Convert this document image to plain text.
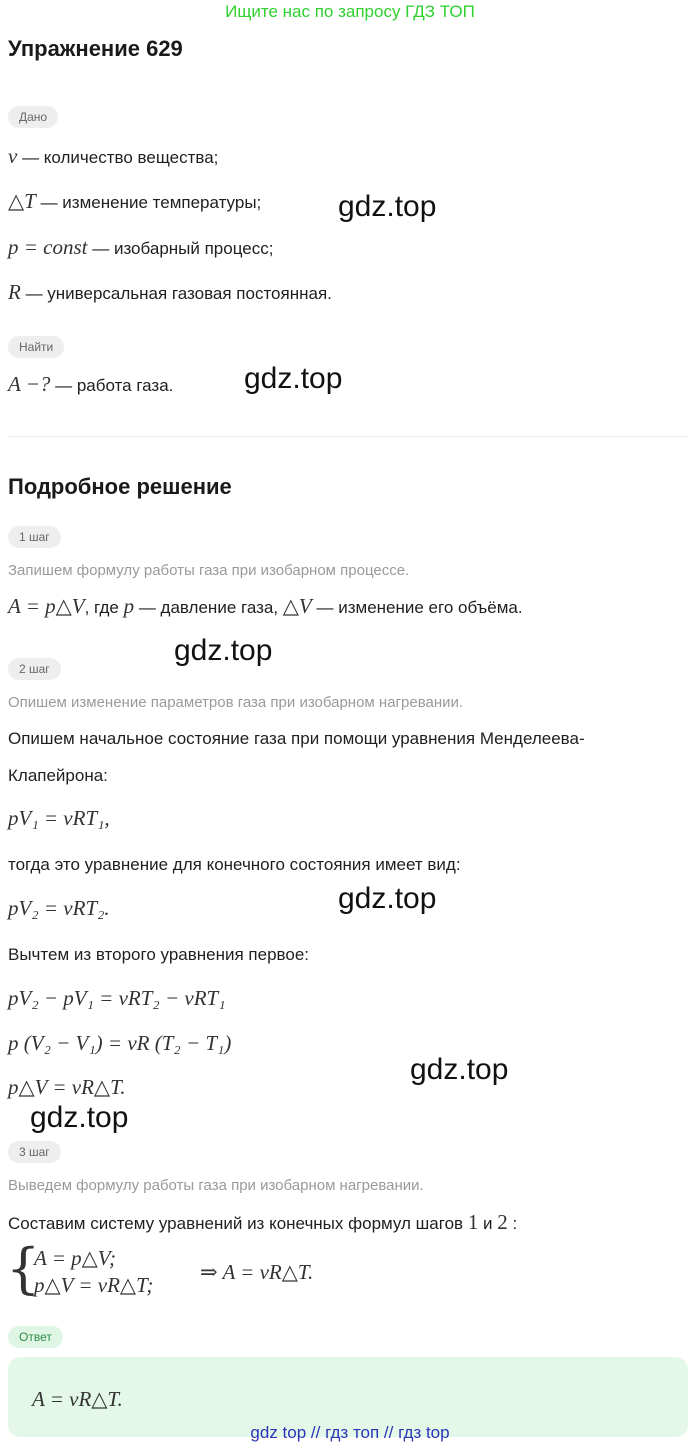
Ищите нас по запросу ГДЗ ТОП
Упражнение 629
Дано
ν — количество вещества;
△T — изменение температуры;
p = const — изобарный процесс;
R — универсальная газовая постоянная.
Найти
A −? — работа газа.
Подробное решение
1 шаг
Запишем формулу работы газа при изобарном процессе.
A = p△V, где p — давление газа, △V — изменение его объёма.
2 шаг
Опишем изменение параметров газа при изобарном нагревании.
Опишем начальное состояние газа при помощи уравнения Менделеева-
Клапейрона:
pV₁ = νRT₁,
тогда это уравнение для конечного состояния имеет вид:
pV₂ = νRT₂.
Вычтем из второго уравнения первое:
pV₂ − pV₁ = νRT₂ − νRT₁
p (V₂ − V₁) = νR (T₂ − T₁)
p△V = νR△T.
3 шаг
Выведем формулу работы газа при изобарном нагревании.
Составим систему уравнений из конечных формул шагов 1 и 2 :
{
A = p△V;
p△V = νR△T;
⇒ A = νR△T.
Ответ
A = νR△T.
gdz.top
gdz.top
gdz.top
gdz.top
gdz.top
gdz.top
gdz top // гдз топ // гдз top
